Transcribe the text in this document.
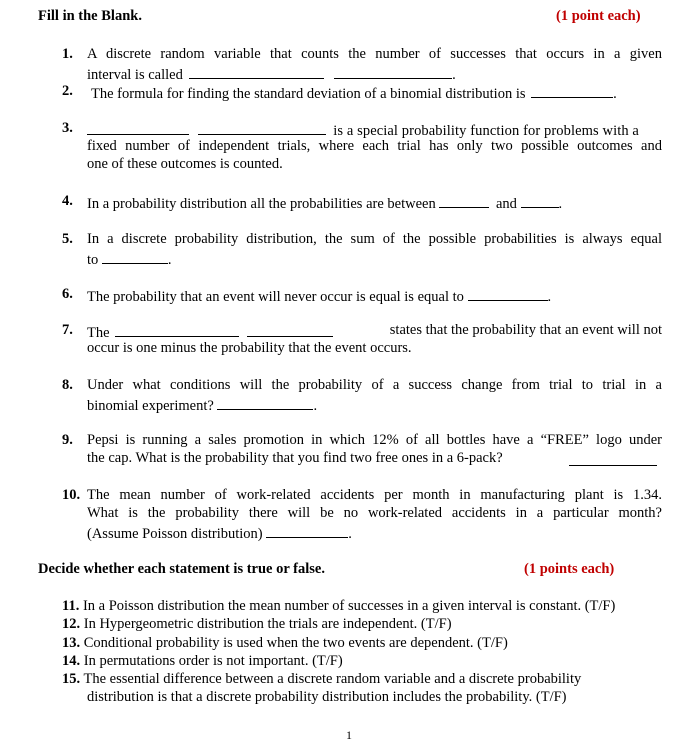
Fill in the Blank.	(1 point each)
1. A discrete random variable that counts the number of successes that occurs in a given
interval is called	.
2. The formula for finding the standard deviation of a binomial distribution is	.
3.	is a special probability function for problems with a
fixed number of independent trials, where each trial has only two possible outcomes and
one of these outcomes is counted.
4. In a probability distribution all the probabilities are between	and	.
5. In a discrete probability distribution, the sum of the possible probabilities is always equal
to	.
6. The probability that an event will never occur is equal is equal to	.
7. The	states that the probability that an event will not
occur is one minus the probability that the event occurs.
8. Under what conditions will the probability of a success change from trial to trial in a
binomial experiment?	.
9. Pepsi is running a sales promotion in which 12% of all bottles have a “FREE” logo under
the cap. What is the probability that you find two free ones in a 6-pack?
10. The mean number of work-related accidents per month in manufacturing plant is 1.34.
What is the probability there will be no work-related accidents in a particular month?
(Assume Poisson distribution)	.
Decide whether each statement is true or false.	(1 points each)
11. In a Poisson distribution the mean number of successes in a given interval is constant. (T/F)
12. In Hypergeometric distribution the trials are independent. (T/F)
13. Conditional probability is used when the two events are dependent. (T/F)
14. In permutations order is not important. (T/F)
15. The essential difference between a discrete random variable and a discrete probability
distribution is that a discrete probability distribution includes the probability. (T/F)
1
